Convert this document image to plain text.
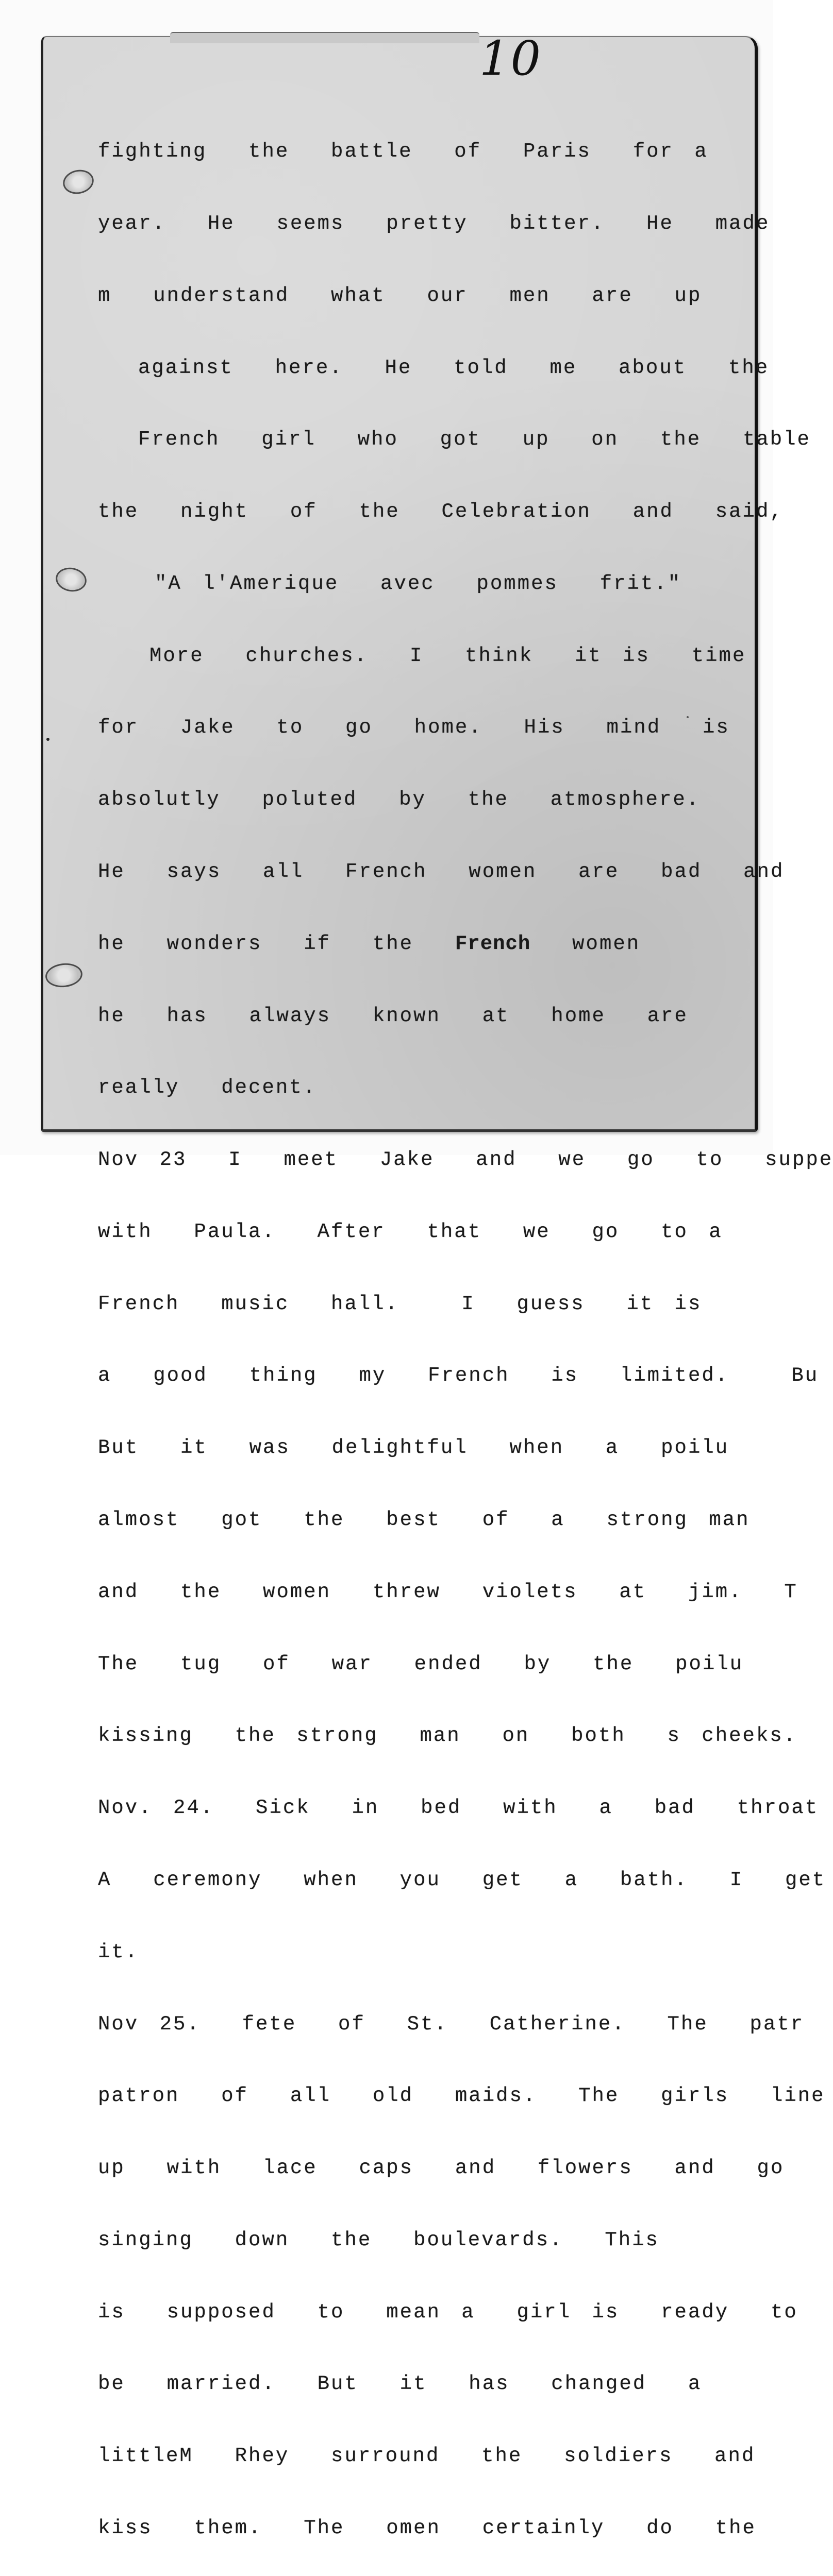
10

fighting  the  battle  of  Paris  for a

year.  He  seems  pretty  bitter.  He  made

m  understand  what  our  men  are  up

against  here.  He  told  me  about  the

French  girl  who  got  up  on  the  table

the  night  of  the  Celebration  and  said,

"A l'Amerique  avec  pommes  frit."

More  churches.  I  think  it is  time

for  Jake  to  go  home.  His  mind  is

absolutly  poluted  by  the  atmosphere.

He  says  all  French  women  are  bad  and

he  wonders  if  the French women

he  has  always  known  at  home  are

really  decent.

Nov 23  I  meet  Jake  and  we  go  to  suppe

with  Paula.  After  that  we  go  to a

French  music  hall.   I  guess  it is

a  good  thing  my  French  is  limited.   Bu

But  it  was  delightful  when  a  poilu

almost  got  the  best  of  a  strong man

and  the  women  threw  violets  at  jim.  T

The  tug  of  war  ended  by  the  poilu

kissing  the strong  man  on  both  s cheeks.

Nov. 24.  Sick  in  bed  with  a  bad  throat

A  ceremony  when  you  get  a  bath.  I  get

it.

Nov 25.  fete  of  St.  Catherine.  The  patr

patron  of  all  old  maids.  The  girls  line

up  with  lace  caps  and  flowers  and  go

singing  down  the  boulevards.  This

is  supposed  to  mean a  girl is  ready  to

be  married.  But  it  has  changed  a

littleM  Rhey  surround  the  soldiers  and

kiss  them.  The  omen  certainly  do  the
